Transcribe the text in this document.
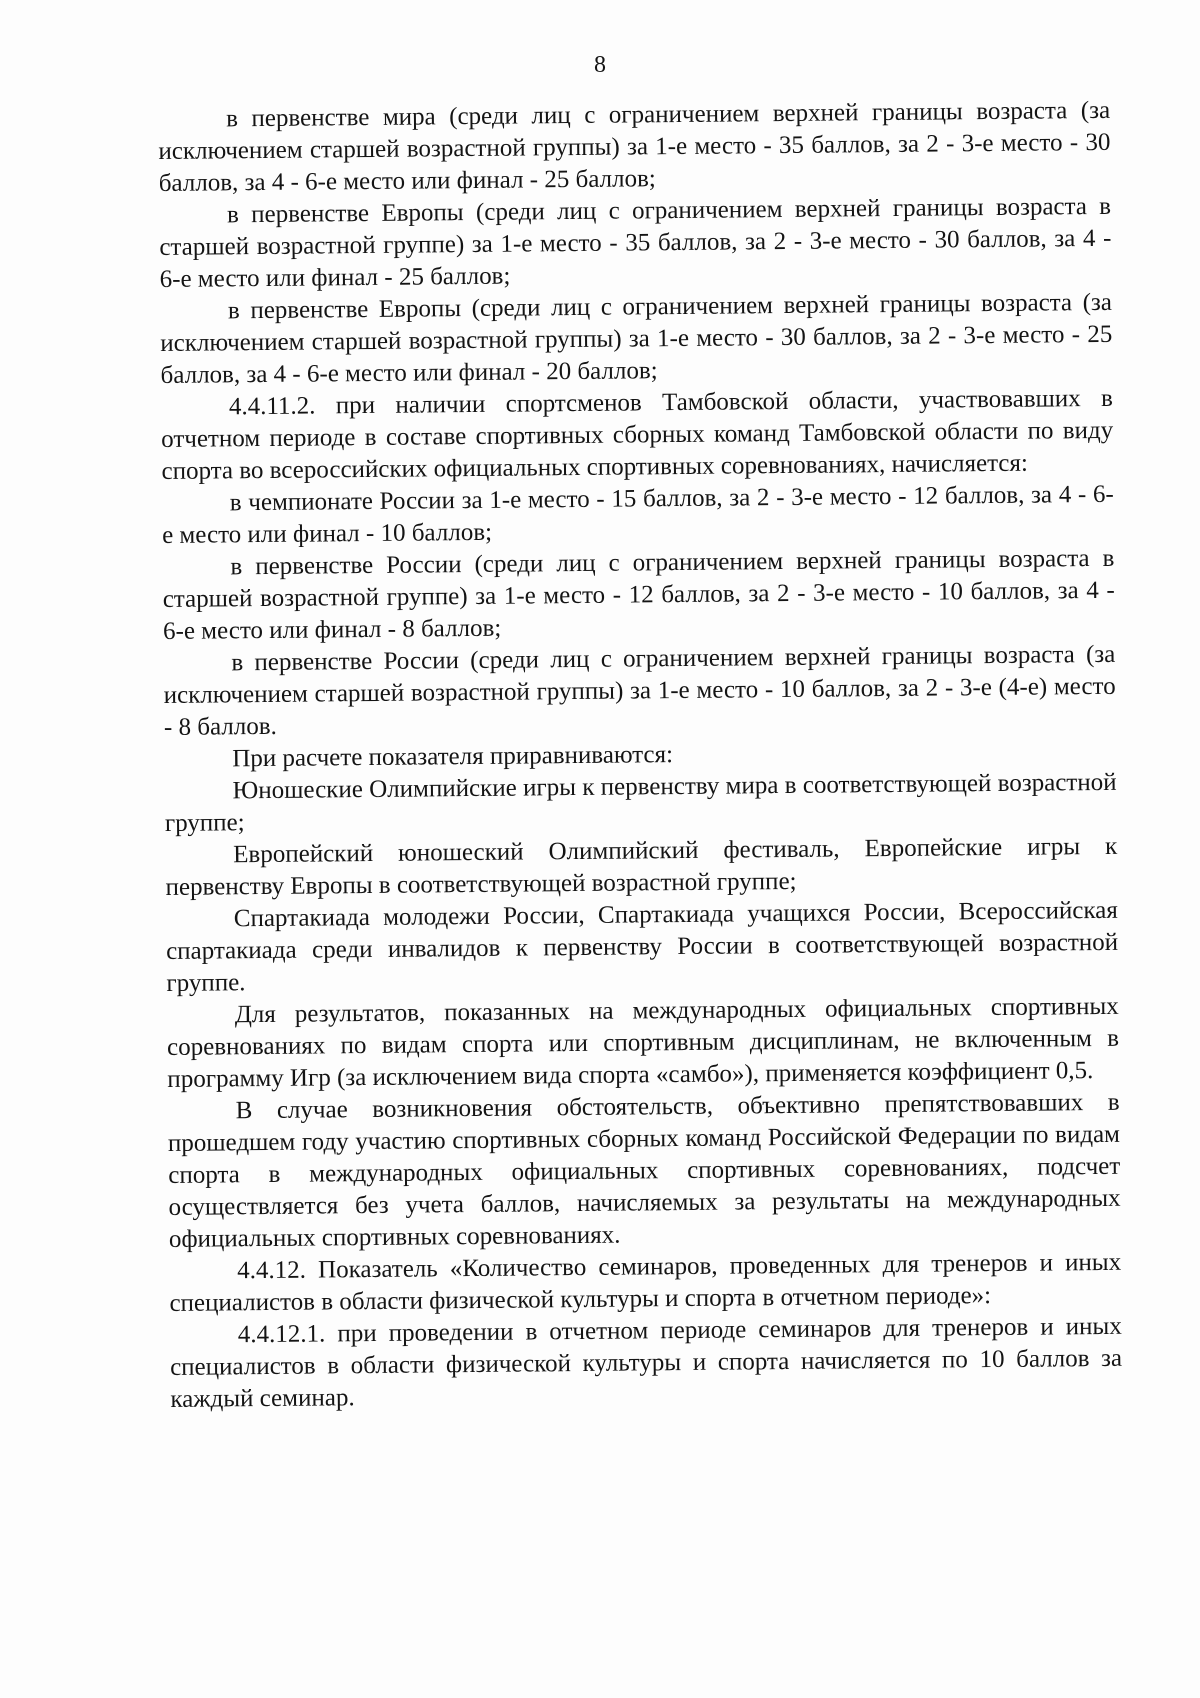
8

в первенстве мира (среди лиц с ограничением верхней границы возраста (за исключением старшей возрастной группы) за 1-е место - 35 баллов, за 2 - 3-е место - 30 баллов, за 4 - 6-е место или финал - 25 баллов;

в первенстве Европы (среди лиц с ограничением верхней границы возраста в старшей возрастной группе) за 1-е место - 35 баллов, за 2 - 3-е место - 30 баллов, за 4 - 6-е место или финал - 25 баллов;

в первенстве Европы (среди лиц с ограничением верхней границы возраста (за исключением старшей возрастной группы) за 1-е место - 30 баллов, за 2 - 3-е место - 25 баллов, за 4 - 6-е место или финал - 20 баллов;

4.4.11.2. при наличии спортсменов Тамбовской области, участвовавших в отчетном периоде в составе спортивных сборных команд Тамбовской области по виду спорта во всероссийских официальных спортивных соревнованиях, начисляется:

в чемпионате России за 1-е место - 15 баллов, за 2 - 3-е место - 12 баллов, за 4 - 6-е место или финал - 10 баллов;

в первенстве России (среди лиц с ограничением верхней границы возраста в старшей возрастной группе) за 1-е место - 12 баллов, за 2 - 3-е место - 10 баллов, за 4 - 6-е место или финал - 8 баллов;

в первенстве России (среди лиц с ограничением верхней границы возраста (за исключением старшей возрастной группы) за 1-е место - 10 баллов, за 2 - 3-е (4-е) место - 8 баллов.

При расчете показателя приравниваются:

Юношеские Олимпийские игры к первенству мира в соответствующей возрастной группе;

Европейский юношеский Олимпийский фестиваль, Европейские игры к первенству Европы в соответствующей возрастной группе;

Спартакиада молодежи России, Спартакиада учащихся России, Всероссийская спартакиада среди инвалидов к первенству России в соответствующей возрастной группе.

Для результатов, показанных на международных официальных спортивных соревнованиях по видам спорта или спортивным дисциплинам, не включенным в программу Игр (за исключением вида спорта «самбо»), применяется коэффициент 0,5.

В случае возникновения обстоятельств, объективно препятствовавших в прошедшем году участию спортивных сборных команд Российской Федерации по видам спорта в международных официальных спортивных соревнованиях, подсчет осуществляется без учета баллов, начисляемых за результаты на международных официальных спортивных соревнованиях.

4.4.12. Показатель «Количество семинаров, проведенных для тренеров и иных специалистов в области физической культуры и спорта в отчетном периоде»:

4.4.12.1. при проведении в отчетном периоде семинаров для тренеров и иных специалистов в области физической культуры и спорта начисляется по 10 баллов за каждый семинар.
